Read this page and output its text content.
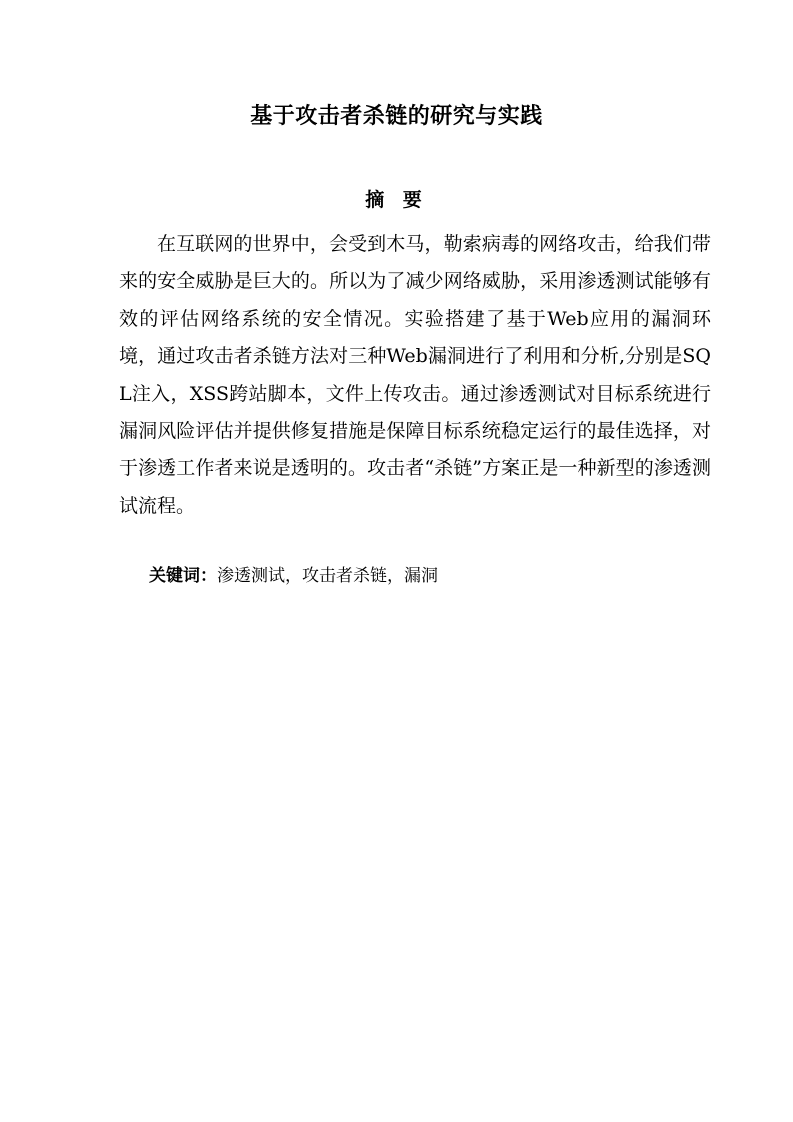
基于攻击者杀链的研究与实践
摘 要

在互联网的世界中，会受到木马，勒索病毒的网络攻击，给我们带来的安全威胁是巨大的。所以为了减少网络威胁，采用渗透测试能够有效的评估网络系统的安全情况。实验搭建了基于Web应用的漏洞环境，通过攻击者杀链方法对三种Web漏洞进行了利用和分析,分别是SQL注入，XSS跨站脚本，文件上传攻击。通过渗透测试对目标系统进行漏洞风险评估并提供修复措施是保障目标系统稳定运行的最佳选择，对于渗透工作者来说是透明的。攻击者“杀链”方案正是一种新型的渗透测试流程。

关键词：渗透测试，攻击者杀链，漏洞
